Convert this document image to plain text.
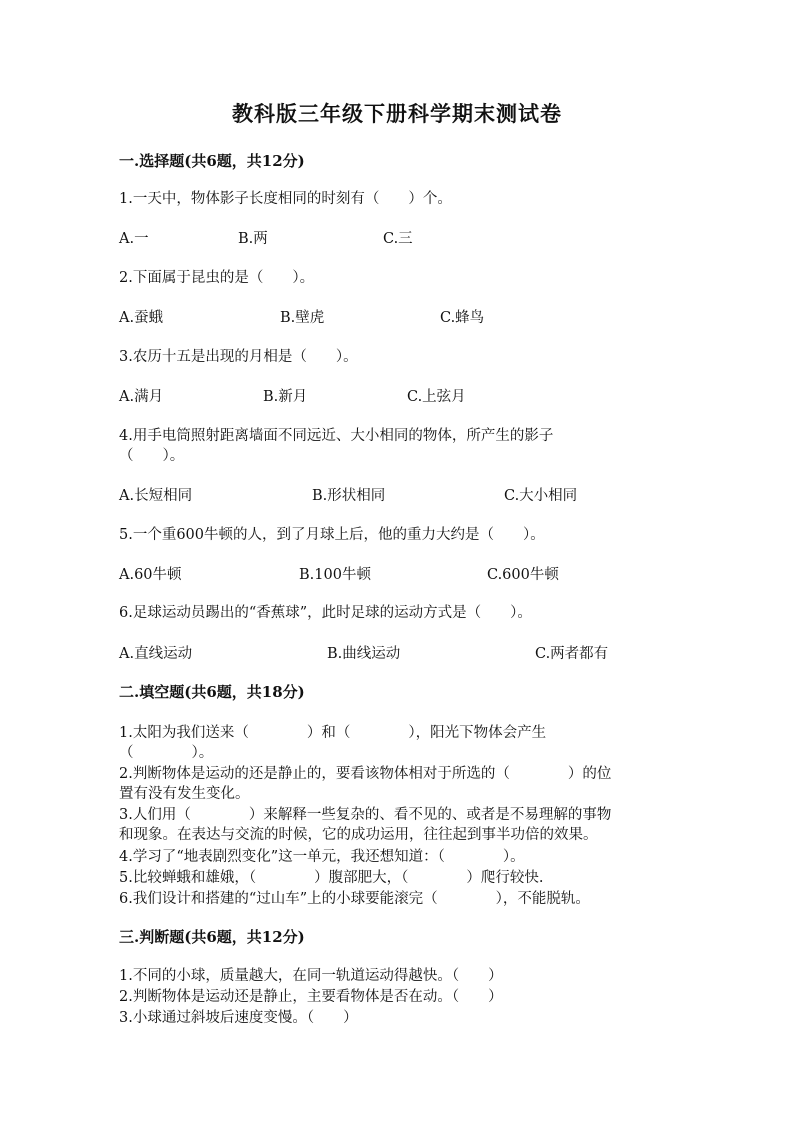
教科版三年级下册科学期末测试卷
一.选择题(共6题，共12分)
1.一天中，物体影子长度相同的时刻有（　　）个。
A.一	B.两	C.三
2.下面属于昆虫的是（　　）。
A.蚕蛾	B.壁虎	C.蜂鸟
3.农历十五是出现的月相是（　　）。
A.满月	B.新月	C.上弦月
4.用手电筒照射距离墙面不同远近、大小相同的物体，所产生的影子
（　　）。
A.长短相同	B.形状相同	C.大小相同
5.一个重600牛顿的人，到了月球上后，他的重力大约是（　　）。
A.60牛顿	B.100牛顿	C.600牛顿
6.足球运动员踢出的“香蕉球”，此时足球的运动方式是（　　）。
A.直线运动	B.曲线运动	C.两者都有
二.填空题(共6题，共18分)
1.太阳为我们送来（　　　　）和（　　　　），阳光下物体会产生
（　　　　）。
2.判断物体是运动的还是静止的，要看该物体相对于所选的（　　　　）的位
置有没有发生变化。
3.人们用（　　　　）来解释一些复杂的、看不见的、或者是不易理解的事物
和现象。在表达与交流的时候，它的成功运用，往往起到事半功倍的效果。
4.学习了“地表剧烈变化”这一单元，我还想知道：（　　　　）。
5.比较蝉蛾和雄娥，（　　　　）腹部肥大，（　　　　）爬行较快.
6.我们设计和搭建的“过山车”上的小球要能滚完（　　　　），不能脱轨。
三.判断题(共6题，共12分)
1.不同的小球，质量越大，在同一轨道运动得越快。（　　）
2.判断物体是运动还是静止，主要看物体是否在动。（　　）
3.小球通过斜坡后速度变慢。（　　）
